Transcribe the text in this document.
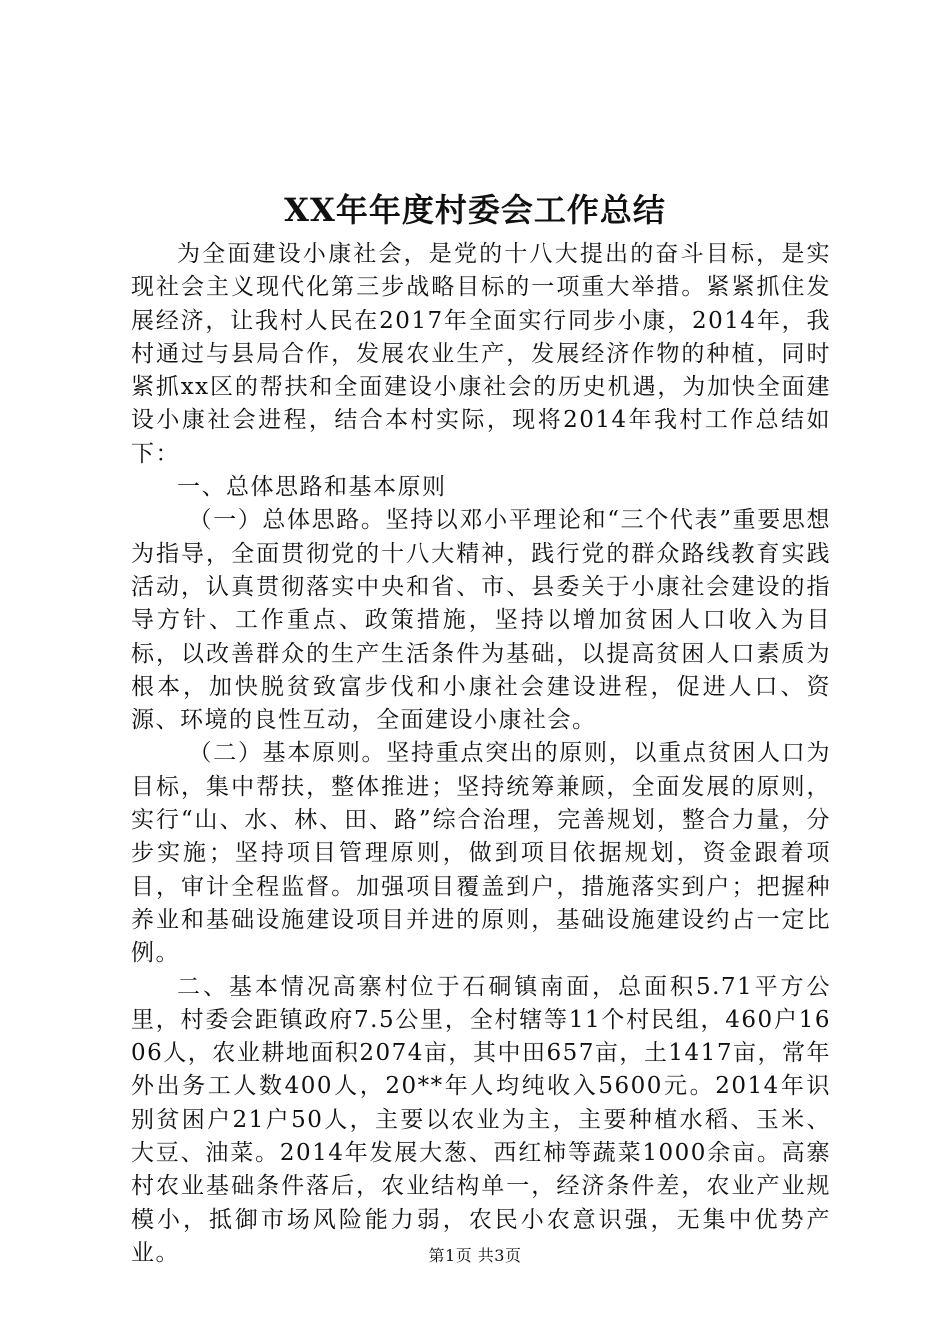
XX年年度村委会工作总结

为全面建设小康社会，是党的十八大提出的奋斗目标，是实现社会主义现代化第三步战略目标的一项重大举措。紧紧抓住发展经济，让我村人民在2017年全面实行同步小康，2014年，我村通过与县局合作，发展农业生产，发展经济作物的种植，同时紧抓xx区的帮扶和全面建设小康社会的历史机遇，为加快全面建设小康社会进程，结合本村实际，现将2014年我村工作总结如下：

一、总体思路和基本原则

（一）总体思路。坚持以邓小平理论和“三个代表”重要思想为指导，全面贯彻党的十八大精神，践行党的群众路线教育实践活动，认真贯彻落实中央和省、市、县委关于小康社会建设的指导方针、工作重点、政策措施，坚持以增加贫困人口收入为目标，以改善群众的生产生活条件为基础，以提高贫困人口素质为根本，加快脱贫致富步伐和小康社会建设进程，促进人口、资源、环境的良性互动，全面建设小康社会。

（二）基本原则。坚持重点突出的原则，以重点贫困人口为目标，集中帮扶，整体推进；坚持统筹兼顾，全面发展的原则，实行“山、水、林、田、路”综合治理，完善规划，整合力量，分步实施；坚持项目管理原则，做到项目依据规划，资金跟着项目，审计全程监督。加强项目覆盖到户，措施落实到户；把握种养业和基础设施建设项目并进的原则，基础设施建设约占一定比例。

二、基本情况高寨村位于石硐镇南面，总面积5.71平方公里，村委会距镇政府7.5公里，全村辖等11个村民组，460户1606人，农业耕地面积2074亩，其中田657亩，土1417亩，常年外出务工人数400人，20**年人均纯收入5600元。2014年识别贫困户21户50人，主要以农业为主，主要种植水稻、玉米、大豆、油菜。2014年发展大葱、西红柿等蔬菜1000余亩。高寨村农业基础条件落后，农业结构单一，经济条件差，农业产业规模小，抵御市场风险能力弱，农民小农意识强，无集中优势产业。	第1页 共3页
